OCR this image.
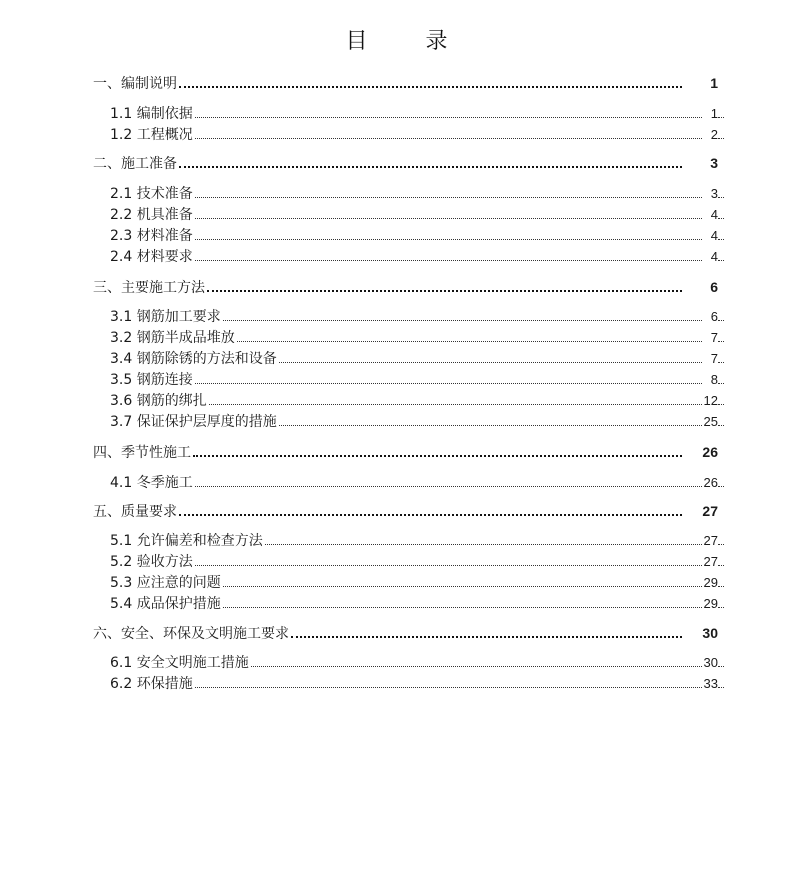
目	录
一、编制说明	1
1.1 编制依据	1
1.2 工程概况	2
二、施工准备	3
2.1 技术准备	3
2.2 机具准备	4
2.3 材料准备	4
2.4 材料要求	4
三、主要施工方法	6
3.1 钢筋加工要求	6
3.2 钢筋半成品堆放	7
3.4 钢筋除锈的方法和设备	7
3.5 钢筋连接	8
3.6 钢筋的绑扎	12
3.7 保证保护层厚度的措施	25
四、季节性施工	26
4.1 冬季施工	26
五、质量要求	27
5.1 允许偏差和检查方法	27
5.2 验收方法	27
5.3 应注意的问题	29
5.4 成品保护措施	29
六、安全、环保及文明施工要求	30
6.1 安全文明施工措施	30
6.2 环保措施	33
